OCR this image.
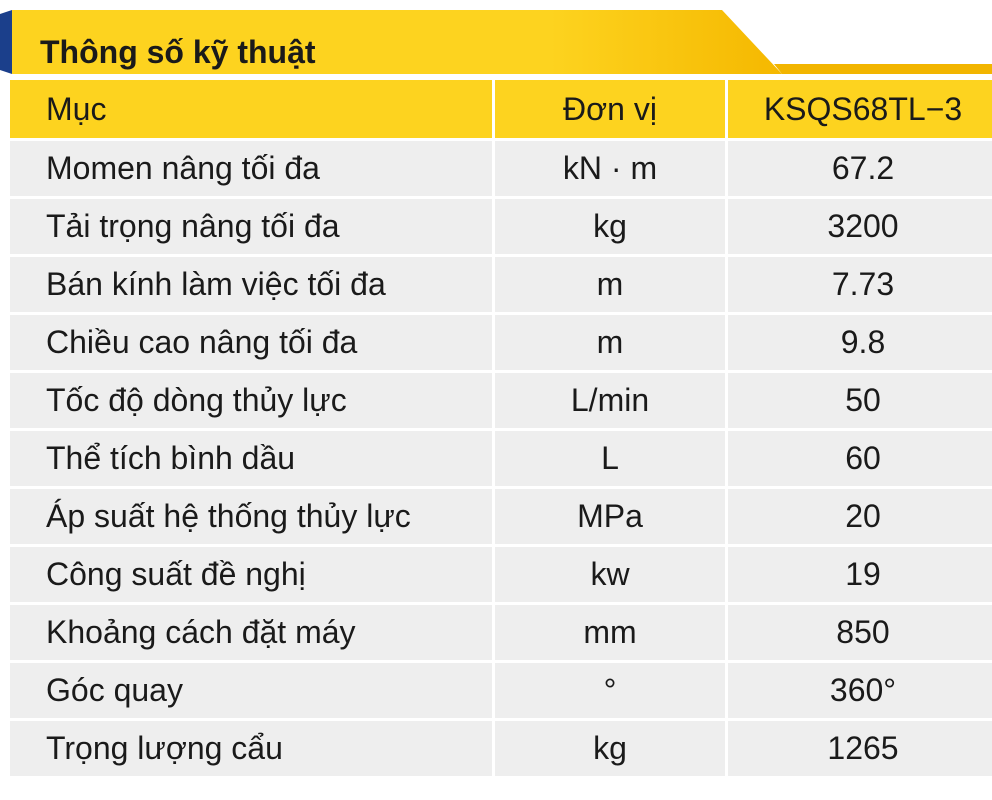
Thông số kỹ thuật
Mục	Đơn vị	KSQS68TL−3
Momen nâng tối đa	kN · m	67.2
Tải trọng nâng tối đa	kg	3200
Bán kính làm việc tối đa	m	7.73
Chiều cao nâng tối đa	m	9.8
Tốc độ dòng thủy lực	L/min	50
Thể tích bình dầu	L	60
Áp suất hệ thống thủy lực	MPa	20
Công suất đề nghị	kw	19
Khoảng cách đặt máy	mm	850
Góc quay	°	360°
Trọng lượng cẩu	kg	1265
